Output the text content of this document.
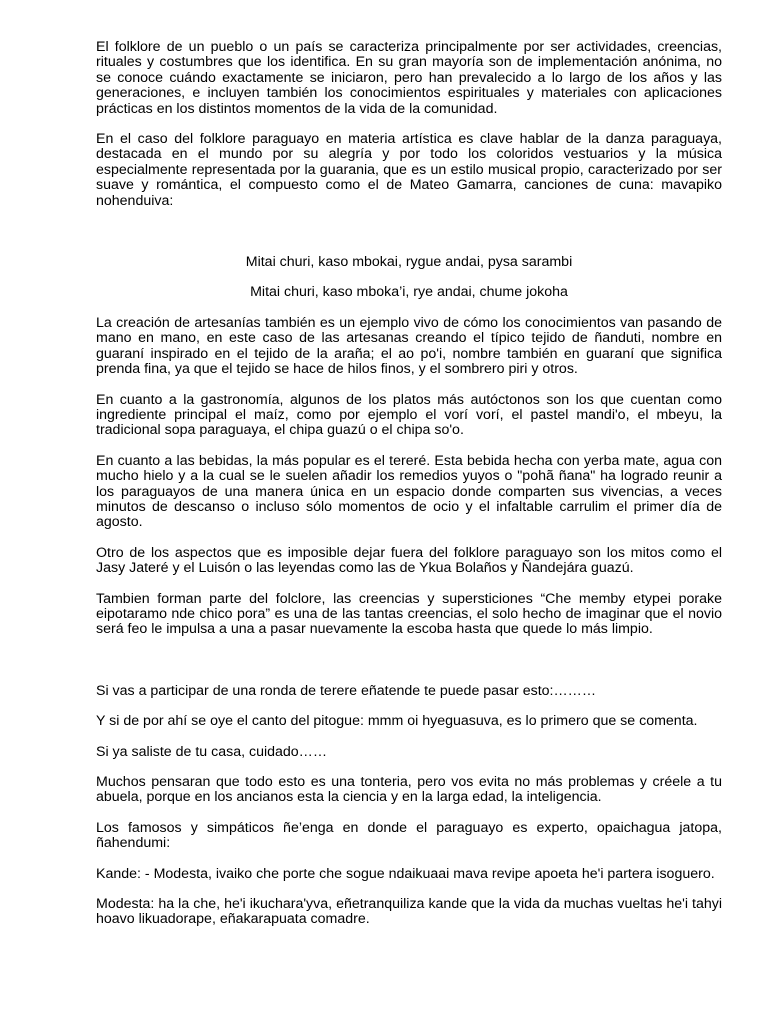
El folklore de un pueblo o un país se caracteriza principalmente por ser actividades, creencias, rituales y costumbres que los identifica. En su gran mayoría son de implementación anónima, no se conoce cuándo exactamente se iniciaron, pero han prevalecido a lo largo de los años y las generaciones, e incluyen también los conocimientos espirituales y materiales con aplicaciones prácticas en los distintos momentos de la vida de la comunidad.

En el caso del folklore paraguayo en materia artística es clave hablar de la danza paraguaya, destacada en el mundo por su alegría y por todo los coloridos vestuarios y la música especialmente representada por la guarania, que es un estilo musical propio, caracterizado por ser suave y romántica, el compuesto como el de Mateo Gamarra, canciones de cuna: mavapiko nohenduiva:

Mitai churi, kaso mbokai, rygue andai, pysa sarambi

Mitai churi, kaso mboka’i, rye andai, chume jokoha

La creación de artesanías también es un ejemplo vivo de cómo los conocimientos van pasando de mano en mano, en este caso de las artesanas creando el típico tejido de ñanduti, nombre en guaraní inspirado en el tejido de la araña; el ao po'i, nombre también en guaraní que significa prenda fina, ya que el tejido se hace de hilos finos, y el sombrero piri y otros.

En cuanto a la gastronomía, algunos de los platos más autóctonos son los que cuentan como ingrediente principal el maíz, como por ejemplo el vorí vorí, el pastel mandi'o, el mbeyu, la tradicional sopa paraguaya, el chipa guazú o el chipa so'o.

En cuanto a las bebidas, la más popular es el tereré. Esta bebida hecha con yerba mate, agua con mucho hielo y a la cual se le suelen añadir los remedios yuyos o "pohã ñana" ha logrado reunir a los paraguayos de una manera única en un espacio donde comparten sus vivencias, a veces minutos de descanso o incluso sólo momentos de ocio y el infaltable carrulim el primer día de agosto.

Otro de los aspectos que es imposible dejar fuera del folklore paraguayo son los mitos como el Jasy Jateré y el Luisón o las leyendas como las de Ykua Bolaños y Ñandejára guazú.

Tambien forman parte del folclore, las creencias y supersticiones “Che memby etypei porake eipotaramo nde chico pora” es una de las tantas creencias, el solo hecho de imaginar que el novio será feo le impulsa a una a pasar nuevamente la escoba hasta que quede lo más limpio.

Si vas a participar de una ronda de terere eñatende te puede pasar esto:………

Y si de por ahí se oye el canto del pitogue: mmm oi hyeguasuva, es lo primero que se comenta.

Si ya saliste de tu casa, cuidado……

Muchos pensaran que todo esto es una tonteria, pero vos evita no más problemas y créele a tu abuela, porque en los ancianos esta la ciencia y en la larga edad, la inteligencia.

Los famosos y simpáticos ñe’enga en donde el paraguayo es experto, opaichagua jatopa, ñahendumi:

Kande: - Modesta, ivaiko che porte che sogue ndaikuaai mava revipe apoeta he'i partera isoguero.

Modesta: ha la che, he'i ikuchara'yva, eñetranquiliza kande que la vida da muchas vueltas he'i tahyi hoavo likuadorape, eñakarapuata comadre.
